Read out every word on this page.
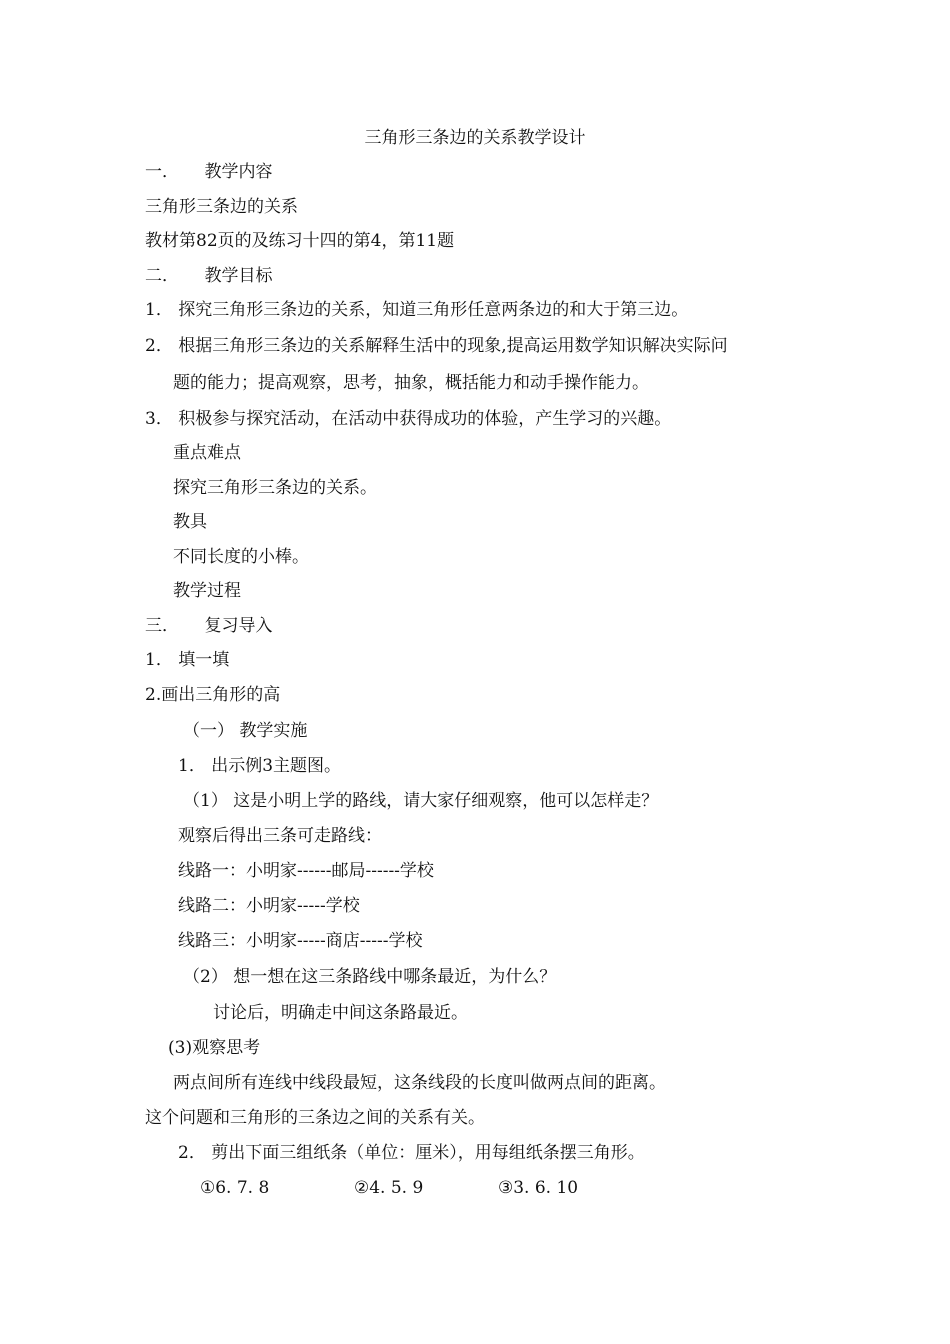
三角形三条边的关系教学设计
一．　　教学内容
三角形三条边的关系
教材第82页的及练习十四的第4，第11题
二．　　教学目标
1． 探究三角形三条边的关系，知道三角形任意两条边的和大于第三边。
2． 根据三角形三条边的关系解释生活中的现象,提高运用数学知识解决实际问
题的能力；提高观察，思考，抽象，概括能力和动手操作能力。
3． 积极参与探究活动，在活动中获得成功的体验，产生学习的兴趣。
重点难点
探究三角形三条边的关系。
教具
不同长度的小棒。
教学过程
三．　　复习导入
1． 填一填
2.画出三角形的高
（一） 教学实施
1． 出示例3主题图。
（1） 这是小明上学的路线，请大家仔细观察，他可以怎样走？
观察后得出三条可走路线：
线路一：小明家------邮局------学校
线路二：小明家-----学校
线路三：小明家-----商店-----学校
（2） 想一想在这三条路线中哪条最近，为什么？
讨论后，明确走中间这条路最近。
(3)观察思考
两点间所有连线中线段最短，这条线段的长度叫做两点间的距离。
这个问题和三角形的三条边之间的关系有关。
2． 剪出下面三组纸条（单位：厘米），用每组纸条摆三角形。
①6. 7. 8	②4. 5. 9	③3. 6. 10
